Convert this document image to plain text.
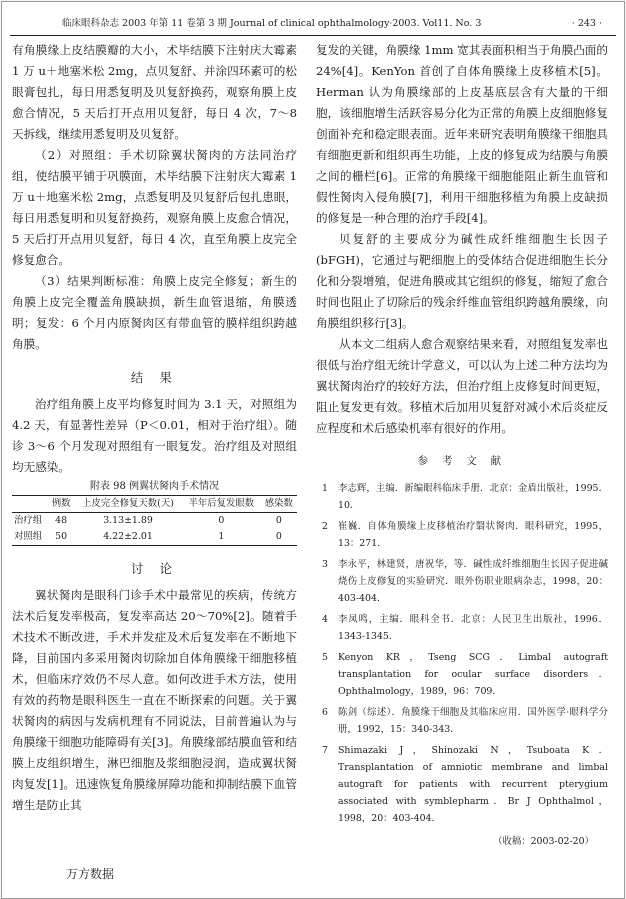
临床眼科杂志 2003 年第 11 卷第 3 期 Journal of clinical ophthalmology·2003. Vol11. No. 3	· 243 ·

有角膜缘上皮结膜瓣的大小，术毕结膜下注射庆大霉素 1 万 u＋地塞米松 2mg，点贝复舒、并涂四环素可的松眼膏包扎，每日用悉复明及贝复舒换药，观察角膜上皮愈合情况，5 天后打开点用贝复舒，每日 4 次，7～8 天拆线，继续用悉复明及贝复舒。

（2）对照组：手术切除翼状胬肉的方法同治疗组，使结膜平铺于巩膜面，术毕结膜下注射庆大霉素 1 万 u＋地塞米松 2mg，点悉复明及贝复舒后包扎患眼，每日用悉复明和贝复舒换药，观察角膜上皮愈合情况，5 天后打开点用贝复舒，每日 4 次，直至角膜上皮完全修复愈合。

（3）结果判断标准：角膜上皮完全修复；新生的角膜上皮完全覆盖角膜缺损，新生血管退缩，角膜透明；复发：6 个月内原胬肉区有带血管的膜样组织跨越角膜。

结 果

治疗组角膜上皮平均修复时间为 3.1 天，对照组为 4.2 天，有显著性差异（P＜0.01，相对于治疗组）。随诊 3～6 个月发现对照组有一眼复发。治疗组及对照组均无感染。

附表 98 例翼状胬肉手术情况
	例数	上皮完全修复天数(天)	半年后复发眼数	感染数
治疗组	48	3.13±1.89	0	0
对照组	50	4.22±2.01	1	0
讨 论

翼状胬肉是眼科门诊手术中最常见的疾病，传统方法术后复发率极高，复发率高达 20～70%[2]。随着手术技术不断改进，手术并发症及术后复发率在不断地下降，目前国内多采用胬肉切除加自体角膜缘干细胞移植术，但临床疗效仍不尽人意。如何改进手术方法，使用有效的药物是眼科医生一直在不断探索的问题。关于翼状胬肉的病因与发病机理有不同说法，目前普遍认为与角膜缘干细胞功能障碍有关[3]。角膜缘部结膜血管和结膜上皮组织增生，淋巴细胞及浆细胞浸润，造成翼状胬肉复发[1]。迅速恢复角膜缘屏障功能和抑制结膜下血管增生是防止其

复发的关键，角膜缘 1mm 宽其表面积相当于角膜凸面的 24%[4]。KenYon 首创了自体角膜缘上皮移植术[5]。Herman 认为角膜缘部的上皮基底层含有大量的干细胞，该细胞增生活跃容易分化为正常的角膜上皮细胞修复创面补充和稳定眼表面。近年来研究表明角膜缘干细胞具有细胞更新和组织再生功能，上皮的修复成为结膜与角膜之间的栅栏[6]。正常的角膜缘干细胞能阻止新生血管和假性胬肉入侵角膜[7]，利用干细胞移植为角膜上皮缺损的修复是一种合理的治疗手段[4]。

贝复舒的主要成分为碱性成纤维细胞生长因子(bFGH)，它通过与靶细胞上的受体结合促进细胞生长分化和分裂增殖，促进角膜或其它组织的修复，缩短了愈合时间也阻止了切除后的残余纤维血管组织跨越角膜缘，向角膜组织移行[3]。

从本文二组病人愈合观察结果来看，对照组复发率也很低与治疗组无统计学意义，可以认为上述二种方法均为翼状胬肉治疗的较好方法，但治疗组上皮修复时间更短，阻止复发更有效。移植术后加用贝复舒对减小术后炎症反应程度和术后感染机率有很好的作用。

参 考 文 献
1 李志辉，主编．新编眼科临床手册．北京：金盾出版社，1995．10．
2 崔巍．自体角膜缘上皮移植治疗翳状胬肉．眼科研究，1995，13：271．
3 李永平，林建贤，唐祝华，等．碱性成纤维细胞生长因子促进碱烧伤上皮修复的实验研究．眼外伤职业眼病杂志，1998，20：403-404．
4 李凤鸣，主编．眼科全书．北京：人民卫生出版社，1996．1343-1345．
5 Kenyon KR，Tseng SCG．Limbal autograft transplantation for ocular surface disorders．Ophthalmology，1989，96：709．
6 陈剑（综述）．角膜缘干细胞及其临床应用．国外医学·眼科学分册，1992，15：340-343．
7 Shimazaki J，Shinozaki N，Tsuboata K．Transplantation of amniotic membrane and limbal autograft for patients with recurrent pterygium associated with symblepharm．Br J Ophthalmol，1998，20：403-404．
（收稿：2003-02-20）
万方数据
